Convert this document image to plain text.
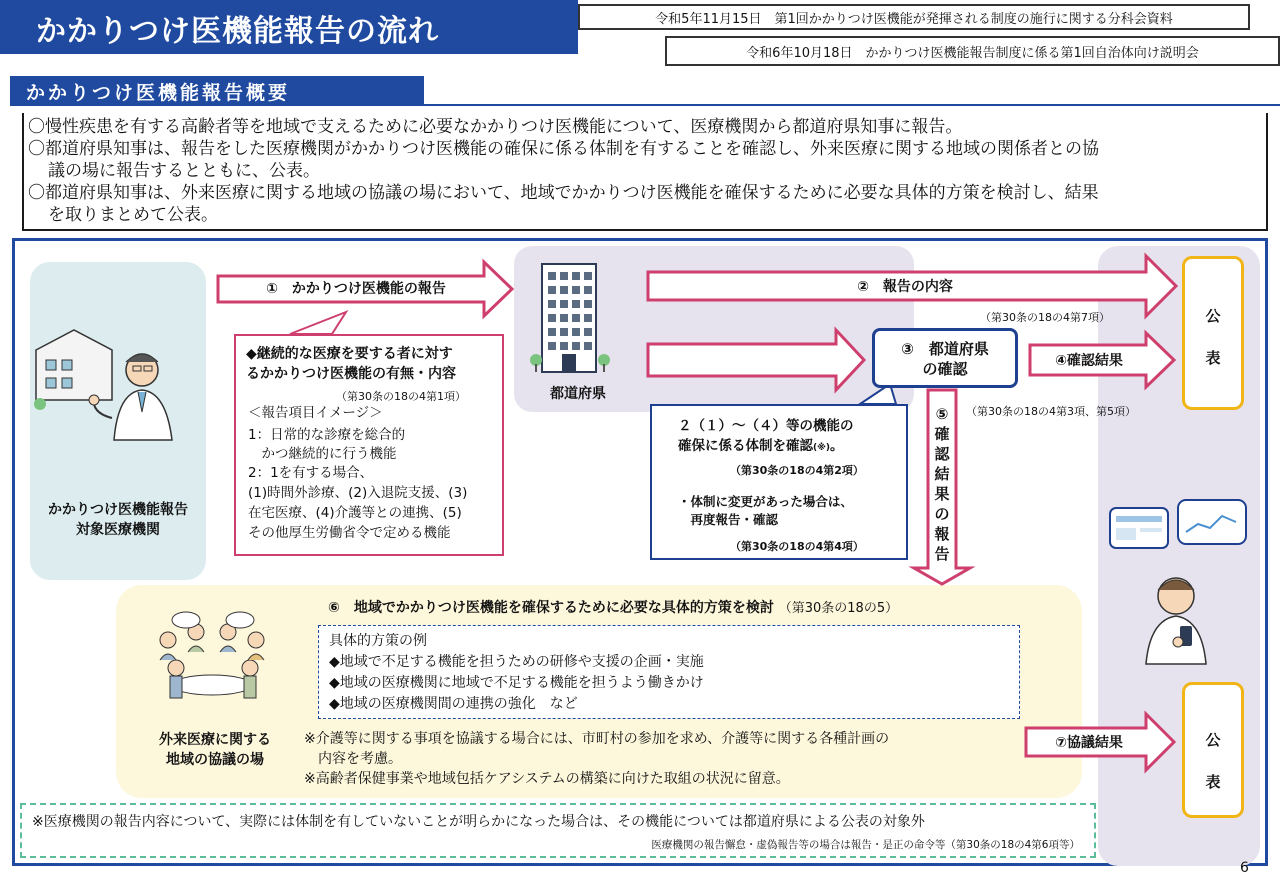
かかりつけ医機能報告の流れ	令和5年11月15日　第1回かかりつけ医機能が発揮される制度の施行に関する分科会資料
令和6年10月18日　かかりつけ医機能報告制度に係る第1回自治体向け説明会
かかりつけ医機能報告概要
〇慢性疾患を有する高齢者等を地域で支えるために必要なかかりつけ医機能について、医療機関から都道府県知事に報告。
〇都道府県知事は、報告をした医療機関がかかりつけ医機能の確保に係る体制を有することを確認し、外来医療に関する地域の関係者との協
議の場に報告するとともに、公表。
〇都道府県知事は、外来医療に関する地域の協議の場において、地域でかかりつけ医機能を確保するために必要な具体的方策を検討し、結果
を取りまとめて公表。
かかりつけ医機能報告
対象医療機関
①　かかりつけ医機能の報告
◆継続的な医療を要する者に対す
るかかりつけ医機能の有無・内容
（第30条の18の4第1項）
＜報告項目イメージ＞
1：日常的な診療を総合的
　かつ継続的に行う機能
2：1を有する場合、
(1)時間外診療、(2)入退院支援、(3)
在宅医療、(4)介護等との連携、(5)
その他厚生労働省令で定める機能
都道府県
②　報告の内容
（第30条の18の4第7項）
③　都道府県
の確認	④確認結果
（第30条の18の4第3項、第5項）
２（１）～（４）等の機能の
確保に係る体制を確認(※)。
（第30条の18の4第2項）
・体制に変更があった場合は、
　再度報告・確認
（第30条の18の4第4項）
⑤
確
認
結
果
の
報
告
公
表
公
表
⑥　地域でかかりつけ医機能を確保するために必要な具体的方策を検討 （第30条の18の5）
具体的方策の例
◆地域で不足する機能を担うための研修や支援の企画・実施
◆地域の医療機関に地域で不足する機能を担うよう働きかけ
◆地域の医療機関間の連携の強化　など
※介護等に関する事項を協議する場合には、市町村の参加を求め、介護等に関する各種計画の
　内容を考慮。
※高齢者保健事業や地域包括ケアシステムの構築に向けた取組の状況に留意。
外来医療に関する
地域の協議の場
⑦協議結果
※医療機関の報告内容について、実際には体制を有していないことが明らかになった場合は、その機能については都道府県による公表の対象外
医療機関の報告懈怠・虚偽報告等の場合は報告・是正の命令等（第30条の18の4第6項等）
6
